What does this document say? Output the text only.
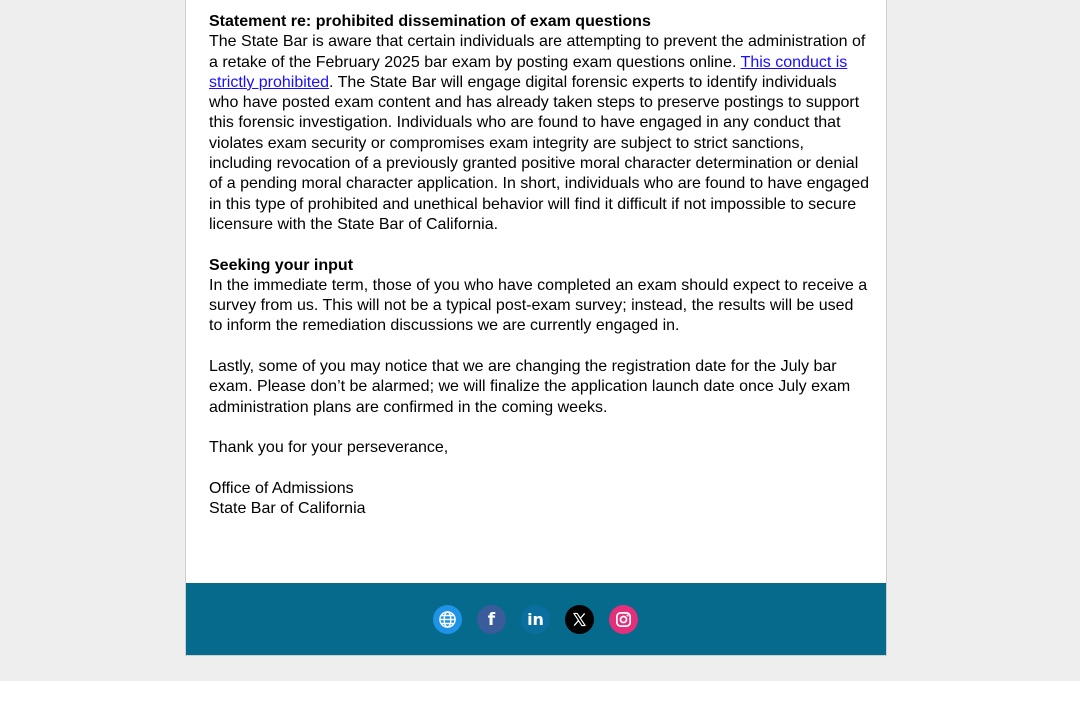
Statement re: prohibited dissemination of exam questions

The State Bar is aware that certain individuals are attempting to prevent the administration of a retake of the February 2025 bar exam by posting exam questions online. This conduct is strictly prohibited. The State Bar will engage digital forensic experts to identify individuals who have posted exam content and has already taken steps to preserve postings to support this forensic investigation. Individuals who are found to have engaged in any conduct that violates exam security or compromises exam integrity are subject to strict sanctions, including revocation of a previously granted positive moral character determination or denial of a pending moral character application. In short, individuals who are found to have engaged in this type of prohibited and unethical behavior will find it difficult if not impossible to secure licensure with the State Bar of California.

Seeking your input

In the immediate term, those of you who have completed an exam should expect to receive a survey from us. This will not be a typical post-exam survey; instead, the results will be used to inform the remediation discussions we are currently engaged in.

Lastly, some of you may notice that we are changing the registration date for the July bar exam. Please don’t be alarmed; we will finalize the application launch date once July exam administration plans are confirmed in the coming weeks.

Thank you for your perseverance,

Office of Admissions

State Bar of California

f in
